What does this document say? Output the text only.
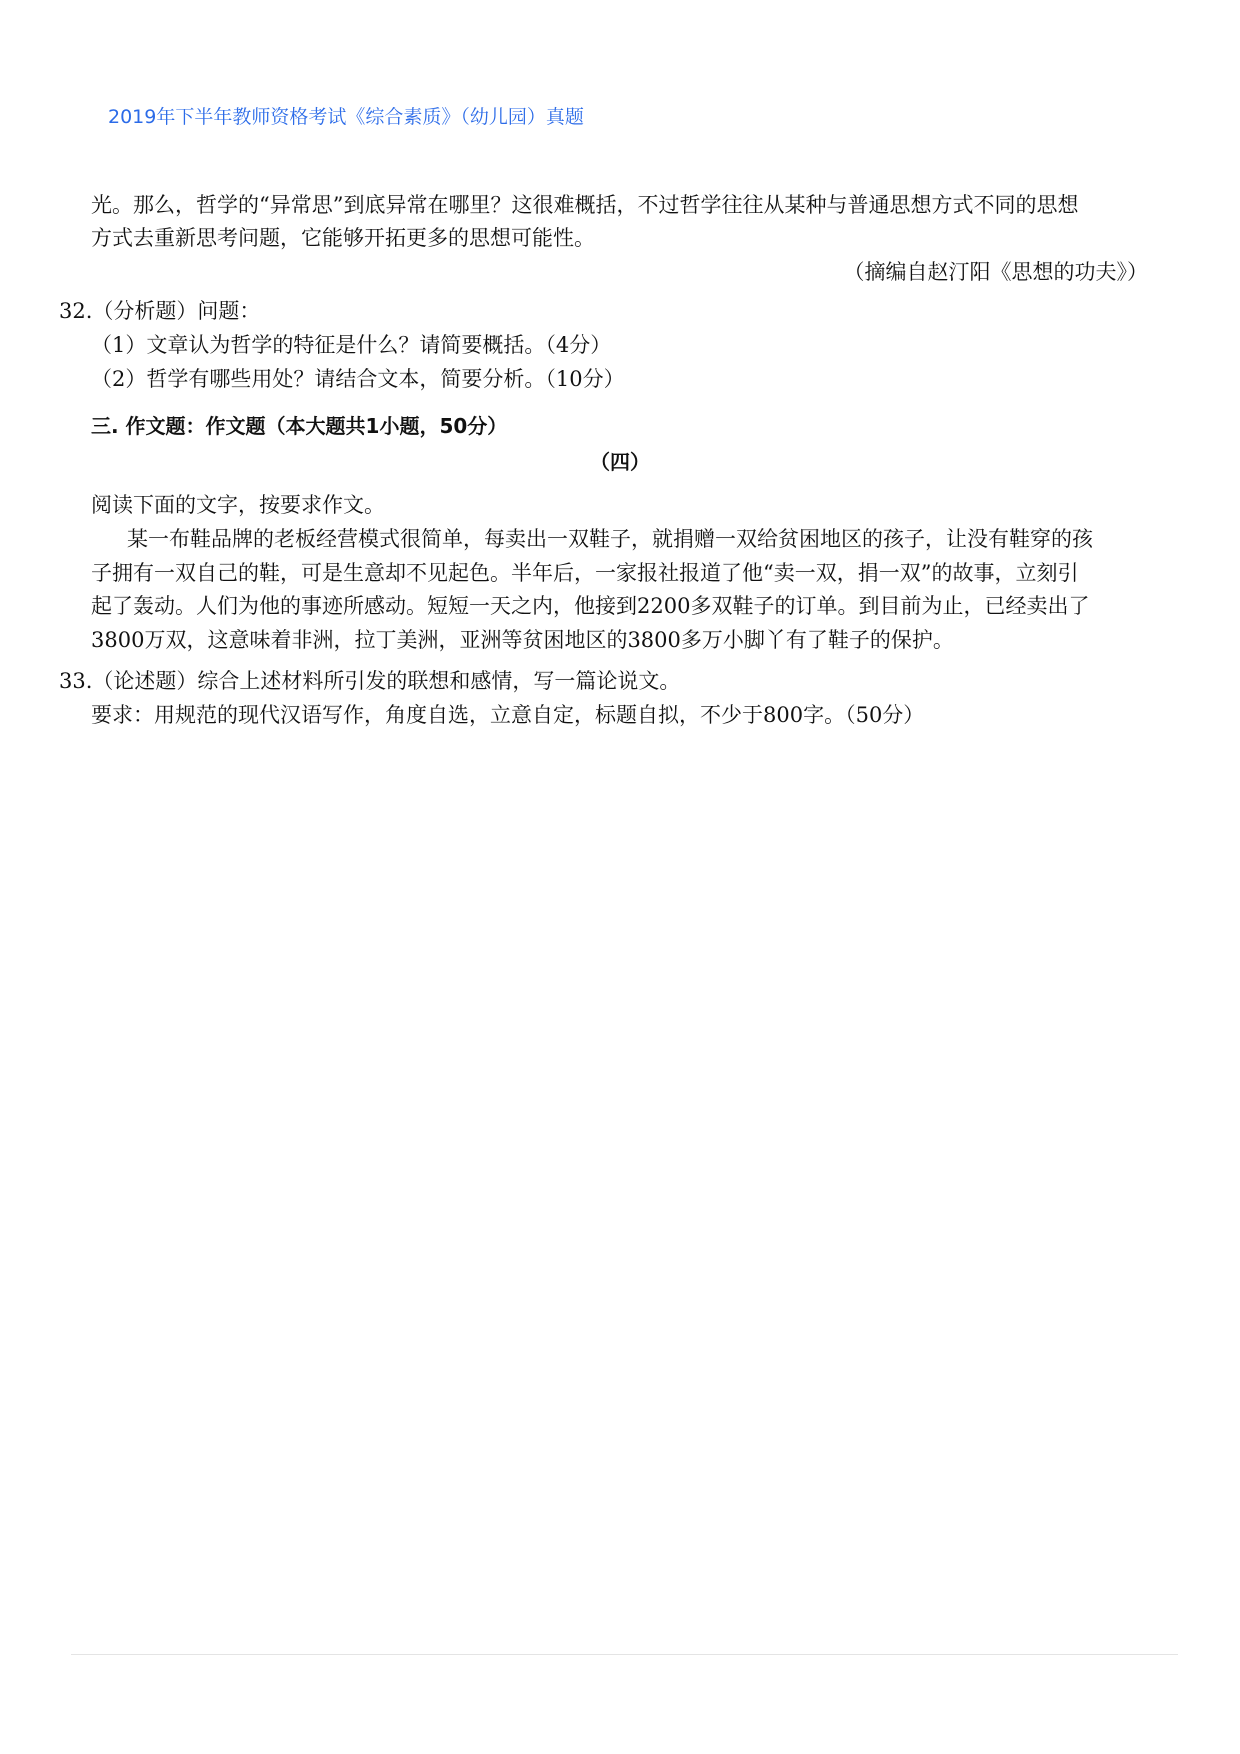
2019年下半年教师资格考试《综合素质》（幼儿园）真题
光。那么，哲学的“异常思”到底异常在哪里？这很难概括，不过哲学往往从某种与普通思想方式不同的思想
方式去重新思考问题，它能够开拓更多的思想可能性。
（摘编自赵汀阳《思想的功夫》）
32.（分析题）问题：
（1）文章认为哲学的特征是什么？请简要概括。（4分）
（2）哲学有哪些用处？请结合文本，简要分析。（10分）
三. 作文题：作文题（本大题共1小题，50分）
（四）
阅读下面的文字，按要求作文。
某一布鞋品牌的老板经营模式很简单，每卖出一双鞋子，就捐赠一双给贫困地区的孩子，让没有鞋穿的孩
子拥有一双自己的鞋，可是生意却不见起色。半年后，一家报社报道了他“卖一双，捐一双”的故事，立刻引
起了轰动。人们为他的事迹所感动。短短一天之内，他接到2200多双鞋子的订单。到目前为止，已经卖出了
3800万双，这意味着非洲，拉丁美洲，亚洲等贫困地区的3800多万小脚丫有了鞋子的保护。
33.（论述题）综合上述材料所引发的联想和感情，写一篇论说文。
要求：用规范的现代汉语写作，角度自选，立意自定，标题自拟，不少于800字。（50分）
